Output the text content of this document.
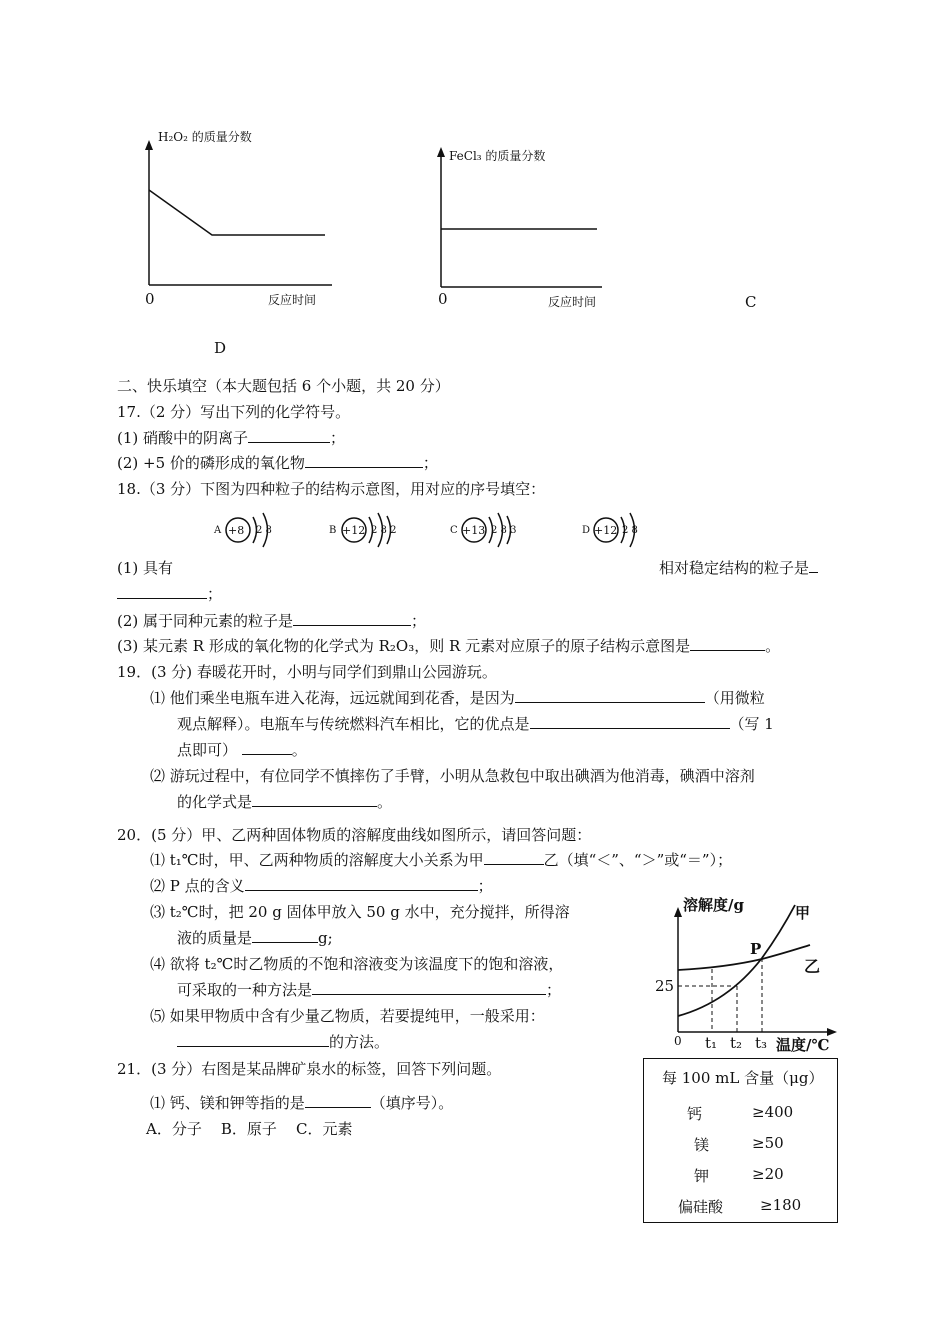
H₂O₂ 的质量分数
0	反应时间
FeCl₃ 的质量分数
0	反应时间	C
D
二、快乐填空（本大题包括 6 个小题，共 20 分）
17.（2 分）写出下列的化学符号。
(1) 硝酸中的阴离子	；
(2) +5 价的磷形成的氧化物	；
18.（3 分）下图为四种粒子的结构示意图，用对应的序号填空：
A +8 2 8	B +12 2 8 2	C +13 2 8 3	D +12 2 8
(1) 具有	相对稳定结构的粒子是
；
(2) 属于同种元素的粒子是	；
(3) 某元素 R 形成的氧化物的化学式为 R₂O₃，则 R 元素对应原子的原子结构示意图是	。
19．(3 分) 春暖花开时，小明与同学们到鼎山公园游玩。
⑴ 他们乘坐电瓶车进入花海，远远就闻到花香，是因为	（用微粒
观点解释）。电瓶车与传统燃料汽车相比，它的优点是	（写 1
点即可）	。
⑵ 游玩过程中，有位同学不慎摔伤了手臂，小明从急救包中取出碘酒为他消毒，碘酒中溶剂
的化学式是	。
20．(5 分）甲、乙两种固体物质的溶解度曲线如图所示，请回答问题：
⑴ t₁℃时，甲、乙两种物质的溶解度大小关系为甲	乙（填“＜”、“＞”或“＝”）；
⑵ P 点的含义	；
⑶ t₂℃时，把 20 g 固体甲放入 50 g 水中，充分搅拌，所得溶
液的质量是	g;
⑷ 欲将 t₂℃时乙物质的不饱和溶液变为该温度下的饱和溶液，
可采取的一种方法是	；
⑸ 如果甲物质中含有少量乙物质，若要提纯甲，一般采用：
的方法。
溶解度/g	甲
乙
P
25
0 t₁ t₂ t₃ 温度/℃
21．(3 分）右图是某品牌矿泉水的标签，回答下列问题。
⑴ 钙、镁和钾等指的是	（填序号）。
A．分子    B．原子    C．元素
每 100 mL 含量（μg）
钙	≥400
镁	≥50
钾	≥20
偏硅酸 ≥180
